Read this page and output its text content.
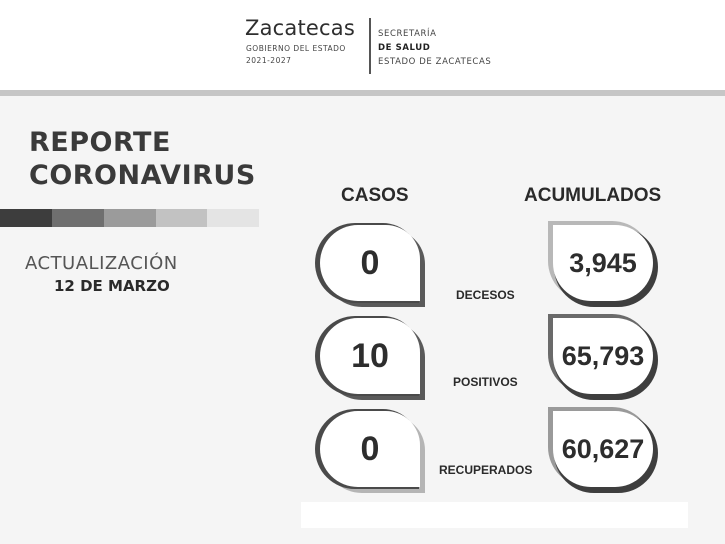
Zacatecas
GOBIERNO DEL ESTADO
2021-2027
SECRETARÍA
DE SALUD
ESTADO DE ZACATECAS
REPORTE
CORONAVIRUS
ACTUALIZACIÓN
12 DE MARZO
CASOS	ACUMULADOS
0
DECESOS
3,945
10
POSITIVOS
65,793
0
RECUPERADOS
60,627
